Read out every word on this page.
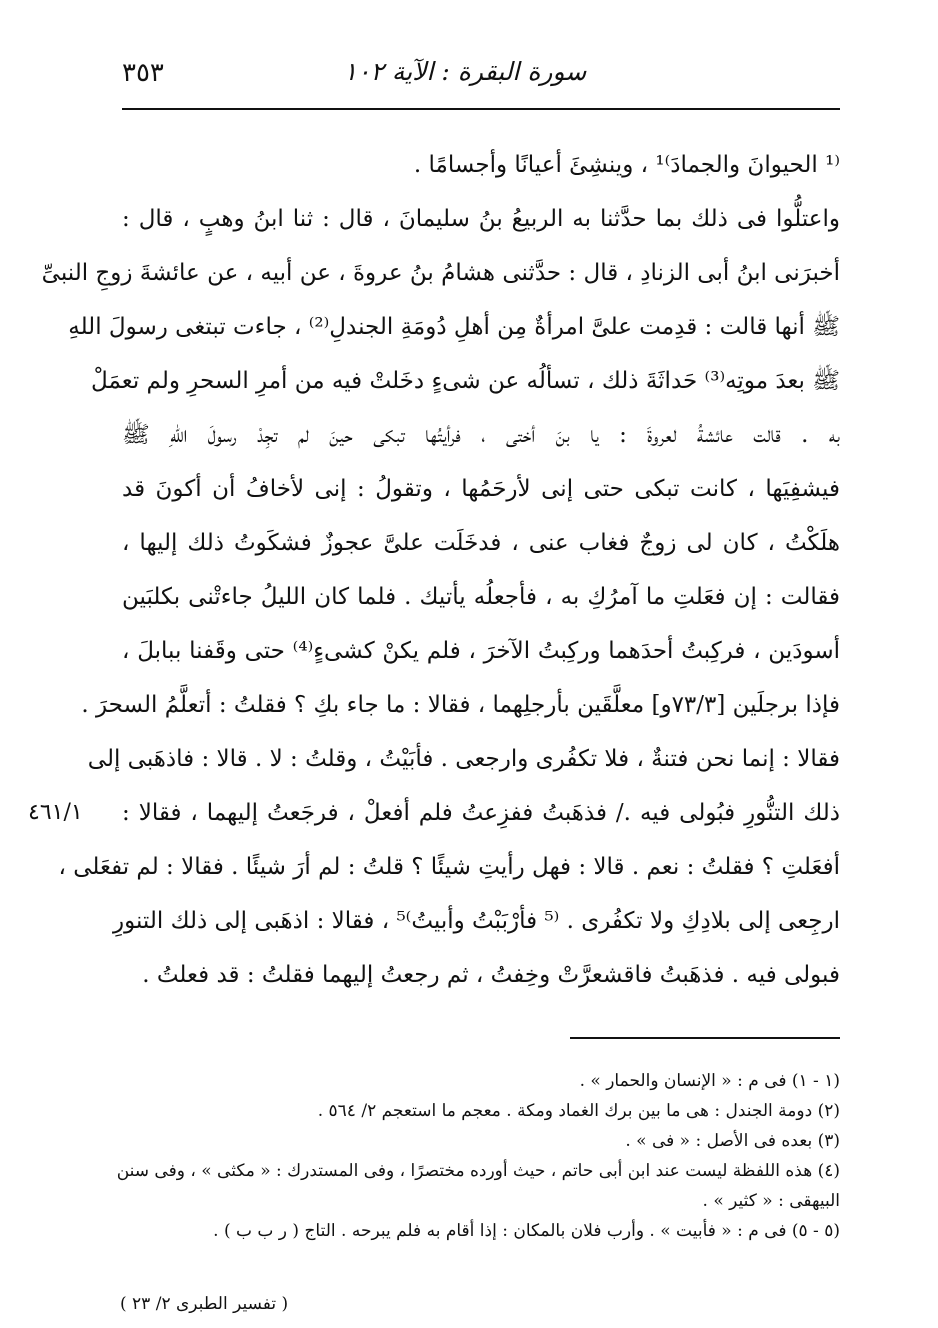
٣٥٣	سورة البقرة : الآية ١٠٢
⁽¹ الحيوانَ والجمادَ⁾¹ ، وينشِئَ أعيانًا وأجسامًا .
واعتلُّوا فى ذلك بما حدَّثنا به الربيعُ بنُ سليمانَ ، قال : ثنا ابنُ وهبٍ ، قال :
أخبرَنى ابنُ أبى الزنادِ ، قال : حدَّثنى هشامُ بنُ عروةَ ، عن أبيه ، عن عائشةَ زوجِ النبىِّ
ﷺ أنها قالت : قدِمت علىَّ امرأةٌ مِن أهلِ دُومَةِ الجندلِ⁽²⁾ ، جاءت تبتغى رسولَ اللهِ
ﷺ بعدَ موتِه⁽³⁾ حَداثَةَ ذلك ، تسألُه عن شىءٍ دخَلتْ فيه من أمرِ السحرِ ولم تعمَلْ
به . قالت عائشةُ لعروةَ : يا بنَ أختى ، فرأيتُها تبكى حينَ لم تجِدْ رسولَ اللهِ ﷺ
فيشفِيَها ، كانت تبكى حتى إنى لأرحَمُها ، وتقولُ : إنى لأخافُ أن أكونَ قد
هلَكْتُ ، كان لى زوجٌ فغاب عنى ، فدخَلَت علىَّ عجوزٌ فشكَوتُ ذلك إليها ،
فقالت : إن فعَلتِ ما آمرُكِ به ، فأجعلُه يأتيك . فلما كان الليلُ جاءتْنى بكلبَين
أسودَين ، فركِبتُ أحدَهما وركِبتُ الآخرَ ، فلم يكنْ كشىءٍ⁽⁴⁾ حتى وقَفنا ببابلَ ،
فإذا برجلَين [٧٣/٣و] معلَّقَين بأرجلِهما ، فقالا : ما جاء بكِ ؟ فقلتُ : أتعلَّمُ السحرَ .
فقالا : إنما نحن فتنةٌ ، فلا تكفُرى وارجعى . فأبَيْتُ ، وقلتُ : لا . قالا : فاذهَبى إلى
ذلك التنُّورِ فبُولى فيه ./ فذهَبتُ ففزِعتُ فلم أفعلْ ، فرجَعتُ إليهما ، فقالا :
أفعَلتِ ؟ فقلتُ : نعم . قالا : فهل رأيتِ شيئًا ؟ قلتُ : لم أرَ شيئًا . فقالا : لم تفعَلى ،
ارجِعى إلى بلادِكِ ولا تكفُرى . ⁽⁵ فأرْبَبْتُ وأبيتُ⁾⁵ ، فقالا : اذهَبى إلى ذلك التنورِ
فبولى فيه . فذهَبتُ فاقشعرَّتْ وخِفتُ ، ثم رجعتُ إليهما فقلتُ : قد فعلتُ .
٤٦١/١
(١ - ١) فى م : « الإنسان والحمار » .
(٢) دومة الجندل : هى ما بين برك الغماد ومكة . معجم ما استعجم ٢/ ٥٦٤ .
(٣) بعده فى الأصل : « فى » .
(٤) هذه اللفظة ليست عند ابن أبى حاتم ، حيث أورده مختصرًا ، وفى المستدرك : « مكثى » ، وفى سنن
البيهقى : « كثير » .
(٥ - ٥) فى م : « فأبيت » . وأرب فلان بالمكان : إذا أقام به فلم يبرحه . التاج ( ر ب ب ) .
( تفسير الطبرى ٢/ ٢٣ )
